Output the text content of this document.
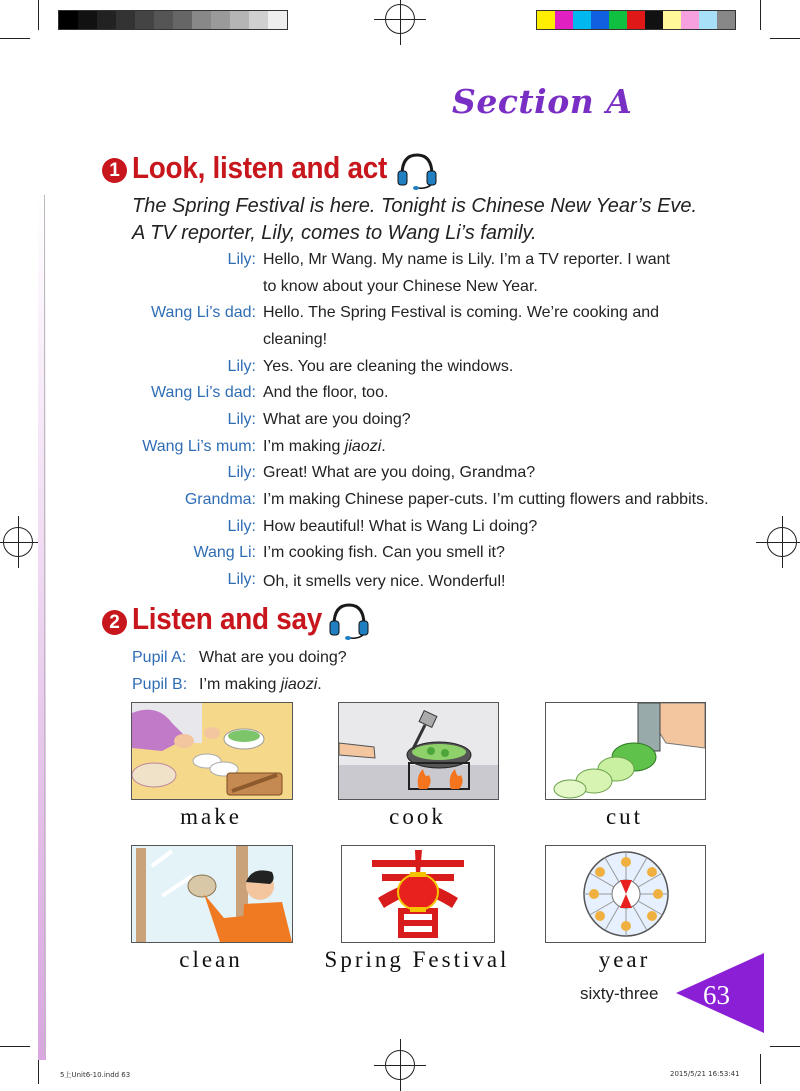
Section A
1 Look, listen and act
The Spring Festival is here. Tonight is Chinese New Year’s Eve.
A TV reporter, Lily, comes to Wang Li’s family.
Lily: Hello, Mr Wang. My name is Lily. I’m a TV reporter. I want
to know about your Chinese New Year.
Wang Li’s dad: Hello. The Spring Festival is coming. We’re cooking and
cleaning!
Lily: Yes. You are cleaning the windows.
Wang Li’s dad: And the floor, too.
Lily: What are you doing?
Wang Li’s mum: I’m making jiaozi.
Lily: Great! What are you doing, Grandma?
Grandma: I’m making Chinese paper-cuts. I’m cutting flowers and rabbits.
Lily: How beautiful! What is Wang Li doing?
Wang Li: I’m cooking fish. Can you smell it?
Lily: Oh, it smells very nice. Wonderful!
2 Listen and say
Pupil A: What are you doing?
Pupil B: I’m making jiaozi.
make	cook	cut
clean	Spring Festival	year
sixty-three 63
5上Unit6-10.indd 63	2015/5/21 16:53:41
